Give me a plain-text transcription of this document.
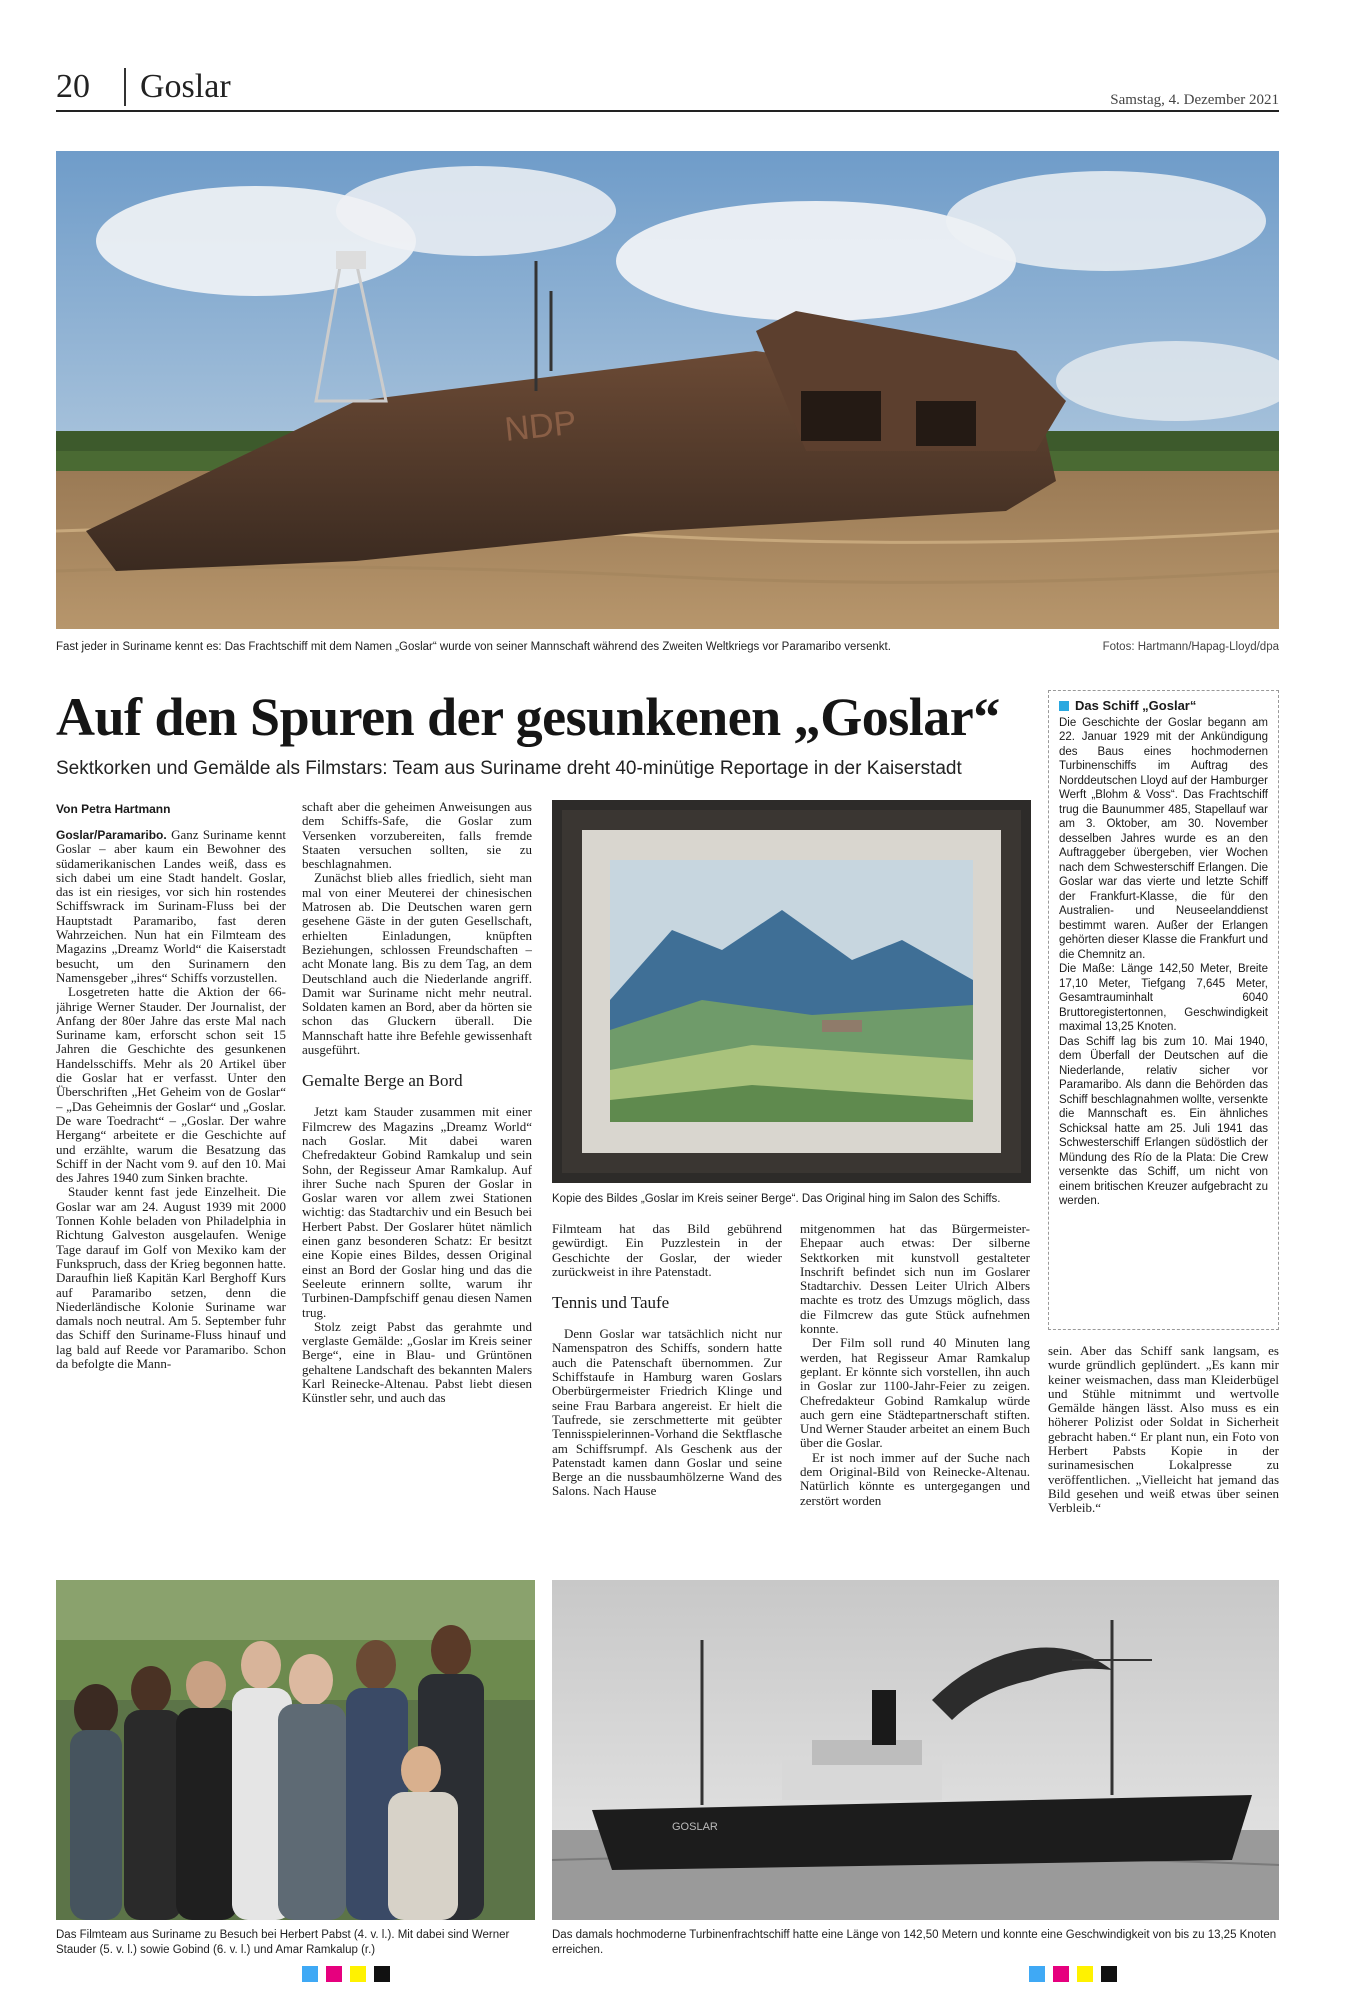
20 Goslar	Samstag, 4. Dezember 2021
NDP
Fast jeder in Suriname kennt es: Das Frachtschiff mit dem Namen „Goslar“ wurde von seiner Mannschaft während des Zweiten Weltkriegs vor Paramaribo versenkt.	Fotos: Hartmann/Hapag-Lloyd/dpa
Auf den Spuren der gesunkenen „Goslar“
Sektkorken und Gemälde als Filmstars: Team aus Suriname dreht 40-minütige Reportage in der Kaiserstadt
Von Petra Hartmann

Goslar/Paramaribo. Ganz Suriname kennt Goslar – aber kaum ein Bewohner des südamerikanischen Landes weiß, dass es sich dabei um eine Stadt handelt. Goslar, das ist ein riesiges, vor sich hin rostendes Schiffswrack im Surinam-Fluss bei der Hauptstadt Paramaribo, fast deren Wahrzeichen. Nun hat ein Filmteam des Magazins „Dreamz World“ die Kaiserstadt besucht, um den Surinamern den Namensgeber „ihres“ Schiffs vorzustellen.

Losgetreten hatte die Aktion der 66-jährige Werner Stauder. Der Journalist, der Anfang der 80er Jahre das erste Mal nach Suriname kam, erforscht schon seit 15 Jahren die Geschichte des gesunkenen Handelsschiffs. Mehr als 20 Artikel über die Goslar hat er verfasst. Unter den Überschriften „Het Geheim von de Goslar“ – „Das Geheimnis der Goslar“ und „Goslar. De ware Toedracht“ – „Goslar. Der wahre Hergang“ arbeitete er die Geschichte auf und erzählte, warum die Besatzung das Schiff in der Nacht vom 9. auf den 10. Mai des Jahres 1940 zum Sinken brachte.

Stauder kennt fast jede Einzelheit. Die Goslar war am 24. August 1939 mit 2000 Tonnen Kohle beladen von Philadelphia in Richtung Galveston ausgelaufen. Wenige Tage darauf im Golf von Mexiko kam der Funkspruch, dass der Krieg begonnen hatte. Daraufhin ließ Kapitän Karl Berghoff Kurs auf Paramaribo setzen, denn die Niederländische Kolonie Suriname war damals noch neutral. Am 5. September fuhr das Schiff den Suriname-Fluss hinauf und lag bald auf Reede vor Paramaribo. Schon da befolgte die Mann-

schaft aber die geheimen Anweisungen aus dem Schiffs-Safe, die Goslar zum Versenken vorzubereiten, falls fremde Staaten versuchen sollten, sie zu beschlagnahmen.

Zunächst blieb alles friedlich, sieht man mal von einer Meuterei der chinesischen Matrosen ab. Die Deutschen waren gern gesehene Gäste in der guten Gesellschaft, erhielten Einladungen, knüpften Beziehungen, schlossen Freundschaften – acht Monate lang. Bis zu dem Tag, an dem Deutschland auch die Niederlande angriff. Damit war Suriname nicht mehr neutral. Soldaten kamen an Bord, aber da hörten sie schon das Gluckern überall. Die Mannschaft hatte ihre Befehle gewissenhaft ausgeführt.

Gemalte Berge an Bord

Jetzt kam Stauder zusammen mit einer Filmcrew des Magazins „Dreamz World“ nach Goslar. Mit dabei waren Chefredakteur Gobind Ramkalup und sein Sohn, der Regisseur Amar Ramkalup. Auf ihrer Suche nach Spuren der Goslar in Goslar waren vor allem zwei Stationen wichtig: das Stadtarchiv und ein Besuch bei Herbert Pabst. Der Goslarer hütet nämlich einen ganz besonderen Schatz: Er besitzt eine Kopie eines Bildes, dessen Original einst an Bord der Goslar hing und das die Seeleute erinnern sollte, warum ihr Turbinen-Dampfschiff genau diesen Namen trug.

Stolz zeigt Pabst das gerahmte und verglaste Gemälde: „Goslar im Kreis seiner Berge“, eine in Blau- und Grüntönen gehaltene Landschaft des bekannten Malers Karl Reinecke-Altenau. Pabst liebt diesen Künstler sehr, und auch das

Kopie des Bildes „Goslar im Kreis seiner Berge“. Das Original hing im Salon des Schiffs.

Filmteam hat das Bild gebührend gewürdigt. Ein Puzzlestein in der Geschichte der Goslar, der wieder zurückweist in ihre Patenstadt.

Tennis und Taufe

Denn Goslar war tatsächlich nicht nur Namenspatron des Schiffs, sondern hatte auch die Patenschaft übernommen. Zur Schiffstaufe in Hamburg waren Goslars Oberbürgermeister Friedrich Klinge und seine Frau Barbara angereist. Er hielt die Taufrede, sie zerschmetterte mit geübter Tennisspielerinnen-Vorhand die Sektflasche am Schiffsrumpf. Als Geschenk aus der Patenstadt kamen dann Goslar und seine Berge an die nussbaumhölzerne Wand des Salons. Nach Hause

mitgenommen hat das Bürgermeister-Ehepaar auch etwas: Der silberne Sektkorken mit kunstvoll gestalteter Inschrift befindet sich nun im Goslarer Stadtarchiv. Dessen Leiter Ulrich Albers machte es trotz des Umzugs möglich, dass die Filmcrew das gute Stück aufnehmen konnte.

Der Film soll rund 40 Minuten lang werden, hat Regisseur Amar Ramkalup geplant. Er könnte sich vorstellen, ihn auch in Goslar zur 1100-Jahr-Feier zu zeigen. Chefredakteur Gobind Ramkalup würde auch gern eine Städtepartnerschaft stiften. Und Werner Stauder arbeitet an einem Buch über die Goslar.

Er ist noch immer auf der Suche nach dem Original-Bild von Reinecke-Altenau. Natürlich könnte es untergegangen und zerstört worden

Das Schiff „Goslar“

Die Geschichte der Goslar begann am 22. Januar 1929 mit der Ankündigung des Baus eines hochmodernen Turbinenschiffs im Auftrag des Norddeutschen Lloyd auf der Hamburger Werft „Blohm & Voss“. Das Frachtschiff trug die Baunummer 485, Stapellauf war am 3. Oktober, am 30. November desselben Jahres wurde es an den Auftraggeber übergeben, vier Wochen nach dem Schwesterschiff Erlangen. Die Goslar war das vierte und letzte Schiff der Frankfurt-Klasse, die für den Australien- und Neuseelanddienst bestimmt waren. Außer der Erlangen gehörten dieser Klasse die Frankfurt und die Chemnitz an.

Die Maße: Länge 142,50 Meter, Breite 17,10 Meter, Tiefgang 7,645 Meter, Gesamtrauminhalt 6040 Bruttoregistertonnen, Geschwindigkeit maximal 13,25 Knoten.

Das Schiff lag bis zum 10. Mai 1940, dem Überfall der Deutschen auf die Niederlande, relativ sicher vor Paramaribo. Als dann die Behörden das Schiff beschlagnahmen wollte, versenkte die Mannschaft es. Ein ähnliches Schicksal hatte am 25. Juli 1941 das Schwesterschiff Erlangen südöstlich der Mündung des Río de la Plata: Die Crew versenkte das Schiff, um nicht von einem britischen Kreuzer aufgebracht zu werden.

sein. Aber das Schiff sank langsam, es wurde gründlich geplündert. „Es kann mir keiner weismachen, dass man Kleiderbügel und Stühle mitnimmt und wertvolle Gemälde hängen lässt. Also muss es ein höherer Polizist oder Soldat in Sicherheit gebracht haben.“ Er plant nun, ein Foto von Herbert Pabsts Kopie in der surinamesischen Lokalpresse zu veröffentlichen. „Vielleicht hat jemand das Bild gesehen und weiß etwas über seinen Verbleib.“

Das Filmteam aus Suriname zu Besuch bei Herbert Pabst (4. v. l.). Mit dabei sind Werner Stauder (5. v. l.) sowie Gobind (6. v. l.) und Amar Ramkalup (r.)
GOSLAR
Das damals hochmoderne Turbinenfrachtschiff hatte eine Länge von 142,50 Metern und konnte eine Geschwindigkeit von bis zu 13,25 Knoten erreichen.
